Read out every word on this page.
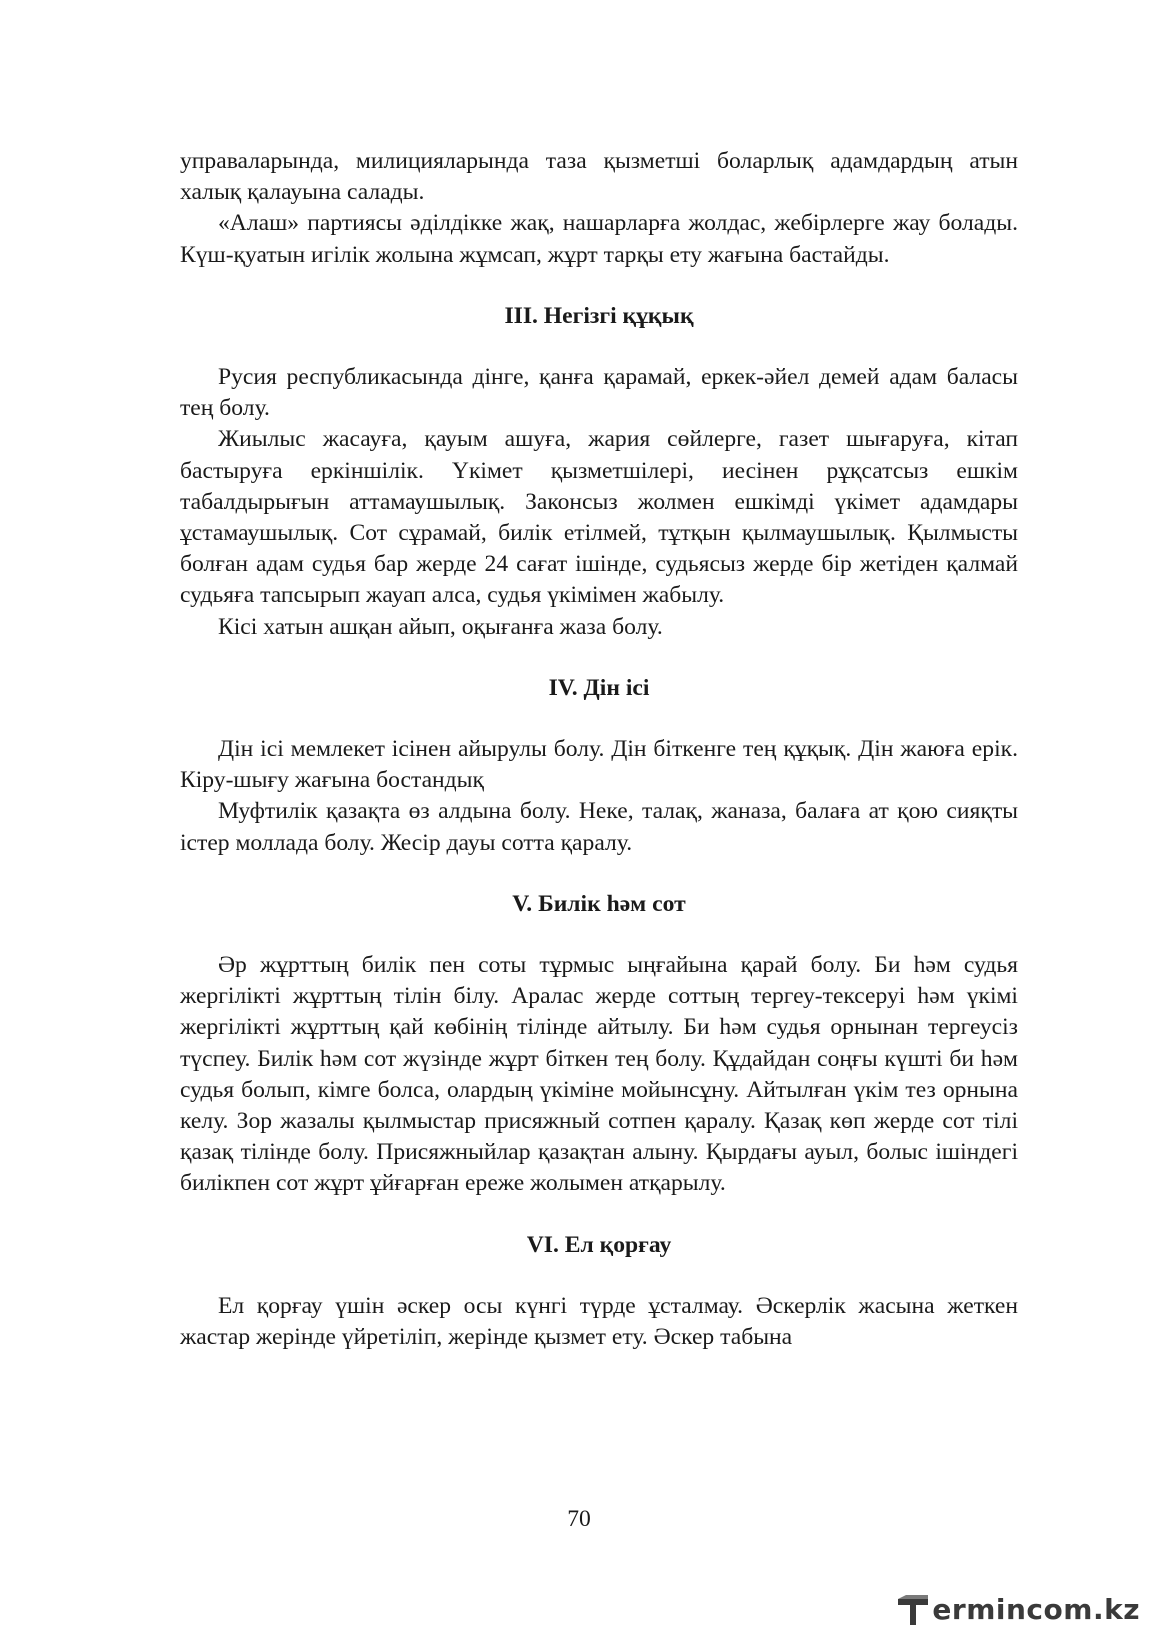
управаларында, милицияларында таза қызметші боларлық адамдардың атын халық қалауына салады.

«Алаш» партиясы әділдікке жақ, нашарларға жолдас, жебірлерге жау болады. Күш-қуатын игілік жолына жұмсап, жұрт тарқы ету жағына бастайды.

III. Негізгі құқық

Русия республикасында дінге, қанға қарамай, еркек-әйел демей адам баласы тең болу.

Жиылыс жасауға, қауым ашуға, жария сөйлерге, газет шығаруға, кітап бастыруға еркіншілік. Үкімет қызметшілері, иесінен рұқсатсыз ешкім табалдырығын аттамаушылық. Законсыз жолмен ешкімді үкімет адамдары ұстамаушылық. Сот сұрамай, билік етілмей, тұтқын қылмаушылық. Қылмысты болған адам судья бар жерде 24 сағат ішінде, судьясыз жерде бір жетіден қалмай судьяға тапсырып жауап алса, судья үкімімен жабылу.

Кісі хатын ашқан айып, оқығанға жаза болу.

IV. Дін ісі

Дін ісі мемлекет ісінен айырулы болу. Дін біткенге тең құқық. Дін жаюға ерік. Кіру-шығу жағына бостандық

Муфтилік қазақта өз алдына болу. Неке, талақ, жаназа, балаға ат қою сияқты істер моллада болу. Жесір дауы сотта қаралу.

V. Билік һәм сот

Әр жұрттың билік пен соты тұрмыс ыңғайына қарай болу. Би һәм судья жергілікті жұрттың тілін білу. Аралас жерде соттың тергеу-тексеруі һәм үкімі жергілікті жұрттың қай көбінің тілінде айтылу. Би һәм судья орнынан тергеусіз түспеу. Билік һәм сот жүзінде жұрт біткен тең болу. Құдайдан соңғы күшті би һәм судья болып, кімге болса, олардың үкіміне мойынсұну. Айтылған үкім тез орнына келу. Зор жазалы қылмыстар присяжный сотпен қаралу. Қазақ көп жерде сот тілі қазақ тілінде болу. Присяжныйлар қазақтан алыну. Қырдағы ауыл, болыс ішіндегі билікпен сот жұрт ұйғарған ереже жолымен атқарылу.

VI. Ел қорғау

Ел қорғау үшін әскер осы күнгі түрде ұсталмау. Әскерлік жасына жеткен жастар жерінде үйретіліп, жерінде қызмет ету. Әскер табына

70

ermincom.kz
